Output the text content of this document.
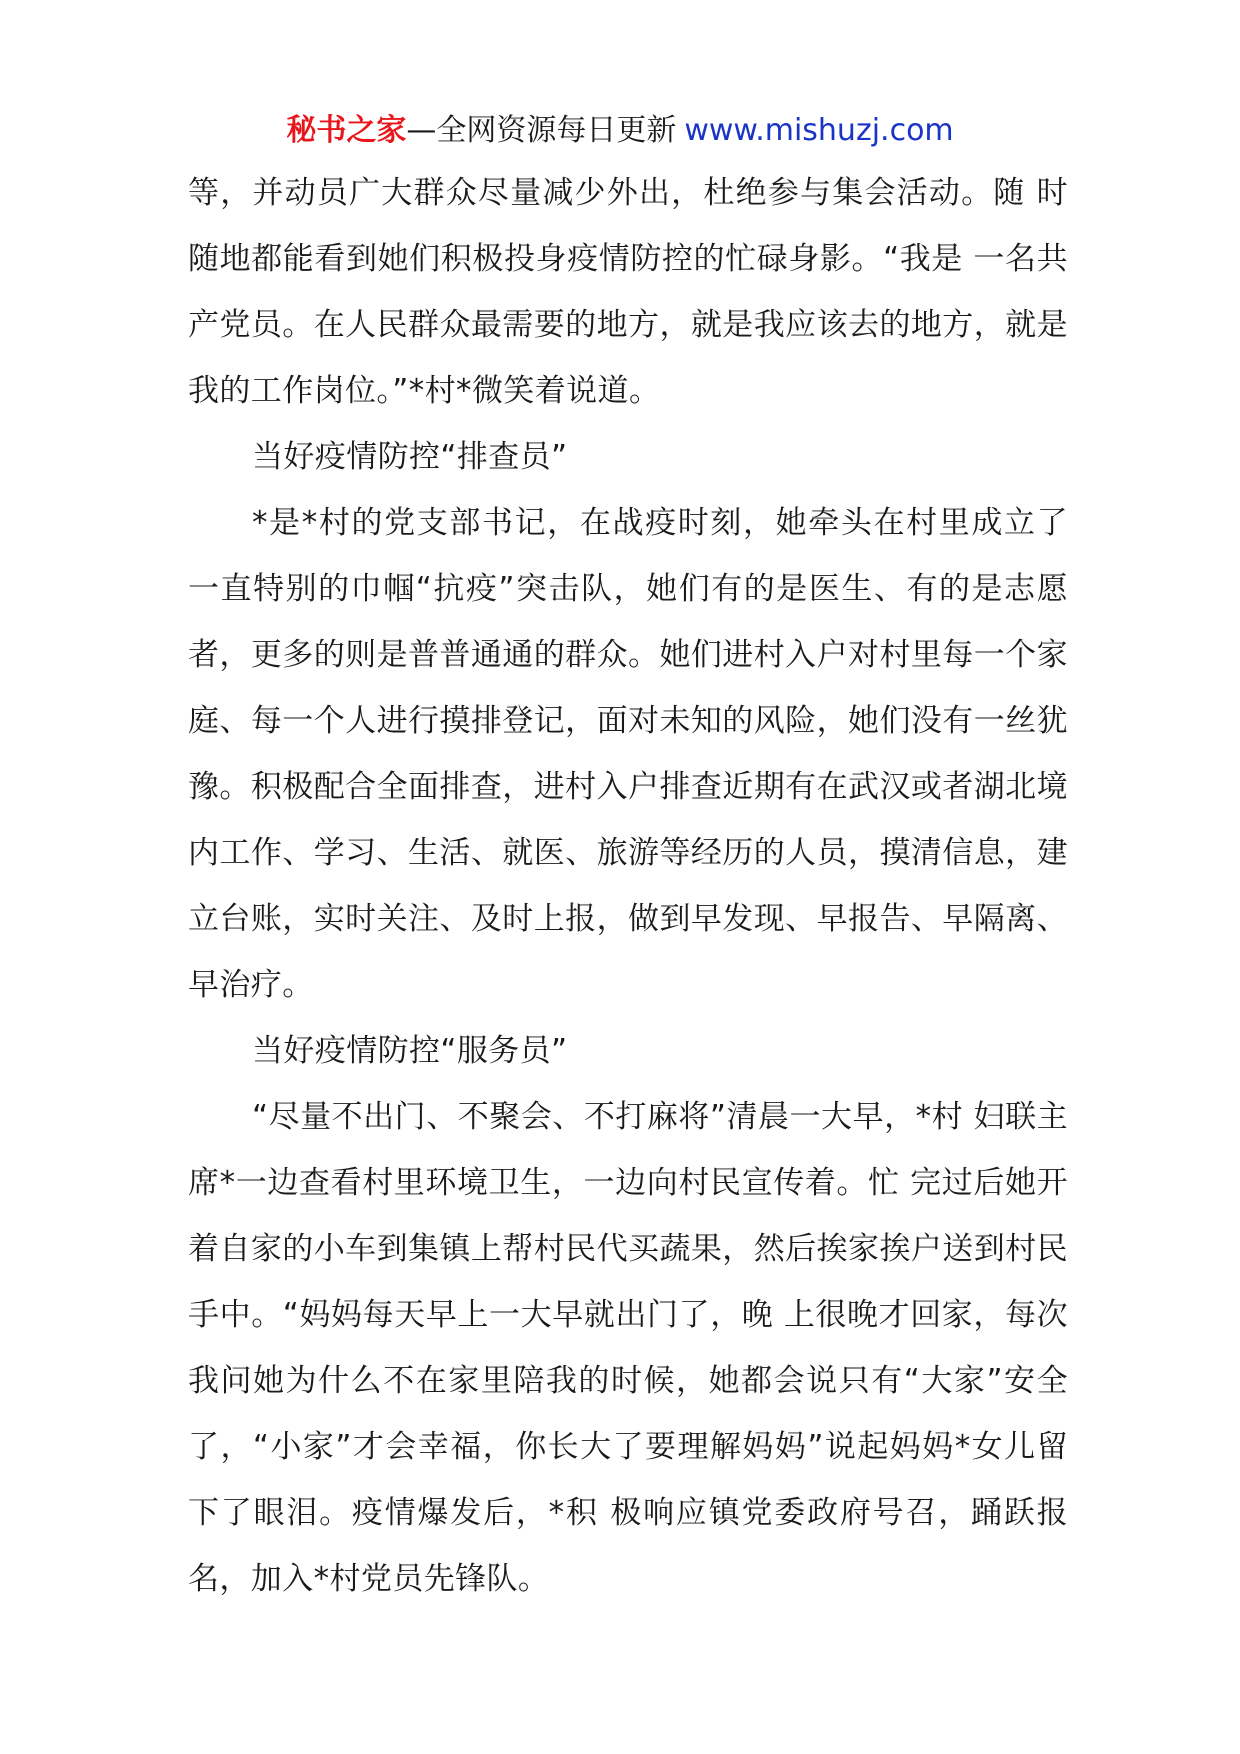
秘书之家—全网资源每日更新 www.mishuzj.com

等，并动员广大群众尽量减少外出，杜绝参与集会活动。随 时随地都能看到她们积极投身疫情防控的忙碌身影。“我是 一名共产党员。在人民群众最需要的地方，就是我应该去的地方，就是我的工作岗位。”*村*微笑着说道。

当好疫情防控“排查员”

*是*村的党支部书记，在战疫时刻，她牵头在村里成立了一直特别的巾帼“抗疫”突击队，她们有的是医生、有的是志愿者，更多的则是普普通通的群众。她们进村入户对村里每一个家庭、每一个人进行摸排登记，面对未知的风险，她们没有一丝犹豫。积极配合全面排查，进村入户排查近期有在武汉或者湖北境内工作、学习、生活、就医、旅游等经历的人员，摸清信息，建立台账，实时关注、及时上报，做到早发现、早报告、早隔离、早治疗。

当好疫情防控“服务员”

“尽量不出门、不聚会、不打麻将”清晨一大早，*村 妇联主席*一边查看村里环境卫生，一边向村民宣传着。忙 完过后她开着自家的小车到集镇上帮村民代买蔬果，然后挨家挨户送到村民手中。“妈妈每天早上一大早就出门了，晚 上很晚才回家，每次我问她为什么不在家里陪我的时候，她都会说只有“大家”安全了，“小家”才会幸福，你长大了要理解妈妈”说起妈妈*女儿留下了眼泪。疫情爆发后，*积 极响应镇党委政府号召，踊跃报名，加入*村党员先锋队。
